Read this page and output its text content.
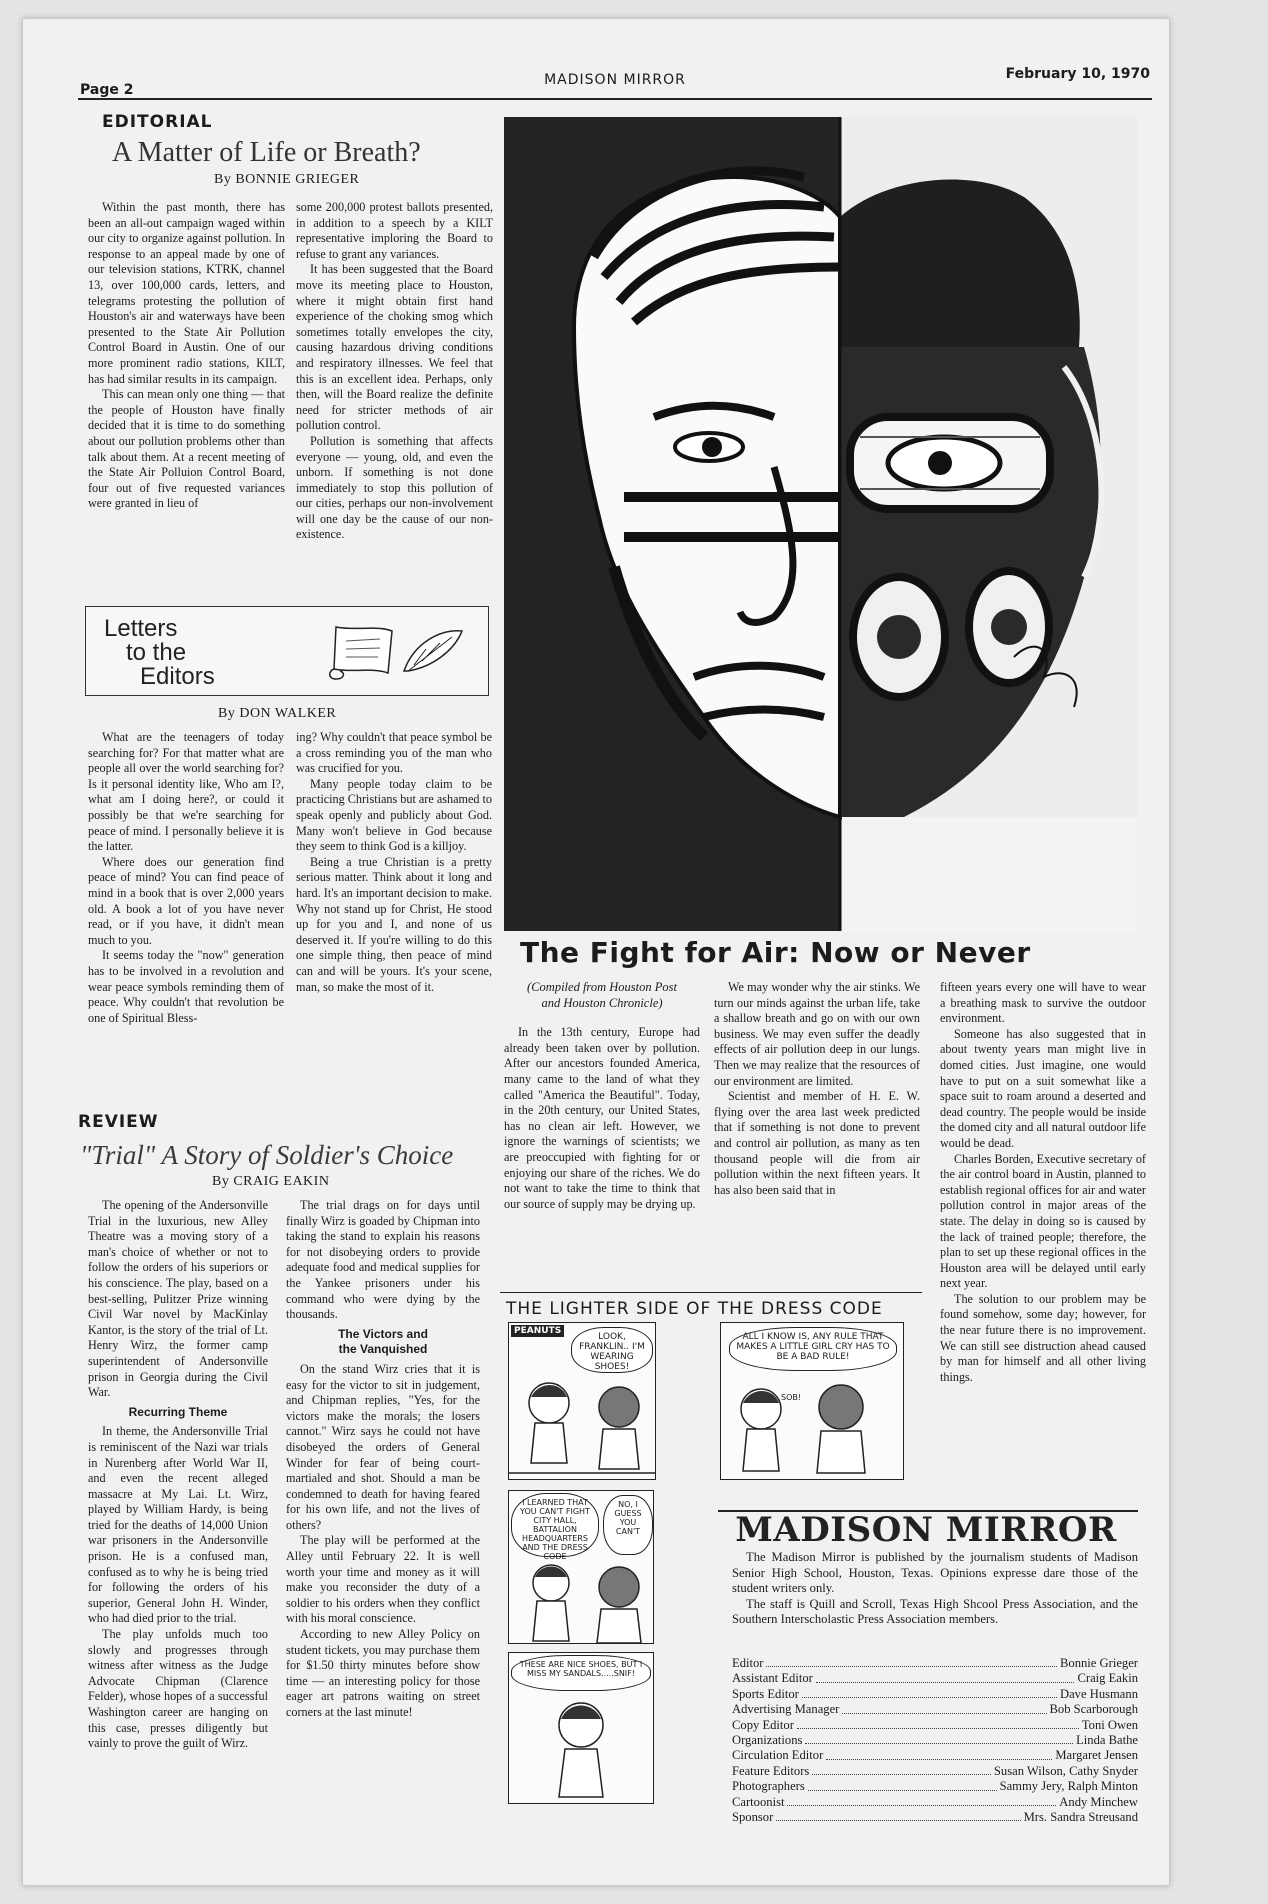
Page 2
MADISON MIRROR	February 10, 1970
EDITORIAL
A Matter of Life or Breath?
By BONNIE GRIEGER

Within the past month, there has been an all-out campaign waged within our city to organize against pollution. In response to an appeal made by one of our television stations, KTRK, channel 13, over 100,000 cards, letters, and telegrams protesting the pollution of Houston's air and waterways have been presented to the State Air Pollution Control Board in Austin. One of our more prominent radio stations, KILT, has had similar results in its campaign.

This can mean only one thing — that the people of Houston have finally decided that it is time to do something about our pollution problems other than talk about them. At a recent meeting of the State Air Polluion Control Board, four out of five requested variances were granted in lieu of

some 200,000 protest ballots presented, in addition to a speech by a KILT representative imploring the Board to refuse to grant any variances.

It has been suggested that the Board move its meeting place to Houston, where it might obtain first hand experience of the choking smog which sometimes totally envelopes the city, causing hazardous driving conditions and respiratory illnesses. We feel that this is an excellent idea. Perhaps, only then, will the Board realize the definite need for stricter methods of air pollution control.

Pollution is something that affects everyone — young, old, and even the unborn. If something is not done immediately to stop this pollution of our cities, perhaps our non-involvement will one day be the cause of our non-existence.

Letters
to the
Editors
By DON WALKER

What are the teenagers of today searching for? For that matter what are people all over the world searching for? Is it personal identity like, Who am I?, what am I doing here?, or could it possibly be that we're searching for peace of mind. I personally believe it is the latter.

Where does our generation find peace of mind? You can find peace of mind in a book that is over 2,000 years old. A book a lot of you have never read, or if you have, it didn't mean much to you.

It seems today the "now" generation has to be involved in a revolution and wear peace symbols reminding them of peace. Why couldn't that revolution be one of Spiritual Bless-

ing? Why couldn't that peace symbol be a cross reminding you of the man who was crucified for you.

Many people today claim to be practicing Christians but are ashamed to speak openly and publicly about God. Many won't believe in God because they seem to think God is a killjoy.

Being a true Christian is a pretty serious matter. Think about it long and hard. It's an important decision to make. Why not stand up for Christ, He stood up for you and I, and none of us deserved it. If you're willing to do this one simple thing, then peace of mind can and will be yours. It's your scene, man, so make the most of it.

REVIEW
"Trial" A Story of Soldier's Choice
By CRAIG EAKIN

The opening of the Andersonville Trial in the luxurious, new Alley Theatre was a moving story of a man's choice of whether or not to follow the orders of his superiors or his conscience. The play, based on a best-selling, Pulitzer Prize winning Civil War novel by MacKinlay Kantor, is the story of the trial of Lt. Henry Wirz, the former camp superintendent of Andersonville prison in Georgia during the Civil War.

Recurring Theme

In theme, the Andersonville Trial is reminiscent of the Nazi war trials in Nurenberg after World War II, and even the recent alleged massacre at My Lai. Lt. Wirz, played by William Hardy, is being tried for the deaths of 14,000 Union war prisoners in the Andersonville prison. He is a confused man, confused as to why he is being tried for following the orders of his superior, General John H. Winder, who had died prior to the trial.

The play unfolds much too slowly and progresses through witness after witness as the Judge Advocate Chipman (Clarence Felder), whose hopes of a successful Washington career are hanging on this case, presses diligently but vainly to prove the guilt of Wirz.

The trial drags on for days until finally Wirz is goaded by Chipman into taking the stand to explain his reasons for not disobeying orders to provide adequate food and medical supplies for the Yankee prisoners under his command who were dying by the thousands.

The Victors and

the Vanquished

On the stand Wirz cries that it is easy for the victor to sit in judgement, and Chipman replies, "Yes, for the victors make the morals; the losers cannot." Wirz says he could not have disobeyed the orders of General Winder for fear of being court-martialed and shot. Should a man be condemned to death for having feared for his own life, and not the lives of others?

The play will be performed at the Alley until February 22. It is well worth your time and money as it will make you reconsider the duty of a soldier to his orders when they conflict with his moral conscience.

According to new Alley Policy on student tickets, you may purchase them for $1.50 thirty minutes before show time — an interesting policy for those eager art patrons waiting on street corners at the last minute!

The Fight for Air: Now or Never

(Compiled from Houston Post

and Houston Chronicle)

In the 13th century, Europe had already been taken over by pollution. After our ancestors founded America, many came to the land of what they called "America the Beautiful". Today, in the 20th century, our United States, has no clean air left. However, we ignore the warnings of scientists; we are preoccupied with fighting for or enjoying our share of the riches. We do not want to take the time to think that our source of supply may be drying up.

We may wonder why the air stinks. We turn our minds against the urban life, take a shallow breath and go on with our own business. We may even suffer the deadly effects of air pollution deep in our lungs. Then we may realize that the resources of our environment are limited.

Scientist and member of H. E. W. flying over the area last week predicted that if something is not done to prevent and control air pollution, as many as ten thousand people will die from air pollution within the next fifteen years. It has also been said that in

fifteen years every one will have to wear a breathing mask to survive the outdoor environment.

Someone has also suggested that in about twenty years man might live in domed cities. Just imagine, one would have to put on a suit somewhat like a space suit to roam around a deserted and dead country. The people would be inside the domed city and all natural outdoor life would be dead.

Charles Borden, Executive secretary of the air control board in Austin, planned to establish regional offices for air and water pollution control in major areas of the state. The delay in doing so is caused by the lack of trained people; therefore, the plan to set up these regional offices in the Houston area will be delayed until early next year.

The solution to our problem may be found somehow, some day; however, for the near future there is no improvement. We can still see distruction ahead caused by man for himself and all other living things.

THE LIGHTER SIDE OF THE DRESS CODE
PEANUTS
LOOK, FRANKLIN.. I'M WEARING SHOES!
ALL I KNOW IS, ANY RULE THAT MAKES A LITTLE GIRL CRY HAS TO BE A BAD RULE!
SOB!
I LEARNED THAT YOU CAN'T FIGHT CITY HALL, BATTALION HEADQUARTERS AND THE DRESS CODE
NO, I GUESS YOU CAN'T
THESE ARE NICE SHOES, BUT I MISS MY SANDALS.....SNIF!
MADISON MIRROR

The Madison Mirror is published by the journalism students of Madison Senior High School, Houston, Texas. Opinions expresse dare those of the student writers only.

The staff is Quill and Scroll, Texas High Shcool Press Association, and the Southern Interscholastic Press Association members.

Editor	Bonnie Grieger
Assistant Editor	Craig Eakin
Sports Editor	Dave Husmann
Advertising Manager	Bob Scarborough
Copy Editor	Toni Owen
Organizations	Linda Bathe
Circulation Editor	Margaret Jensen
Feature Editors	Susan Wilson, Cathy Snyder
Photographers	Sammy Jery, Ralph Minton
Cartoonist	Andy Minchew
Sponsor	Mrs. Sandra Streusand
